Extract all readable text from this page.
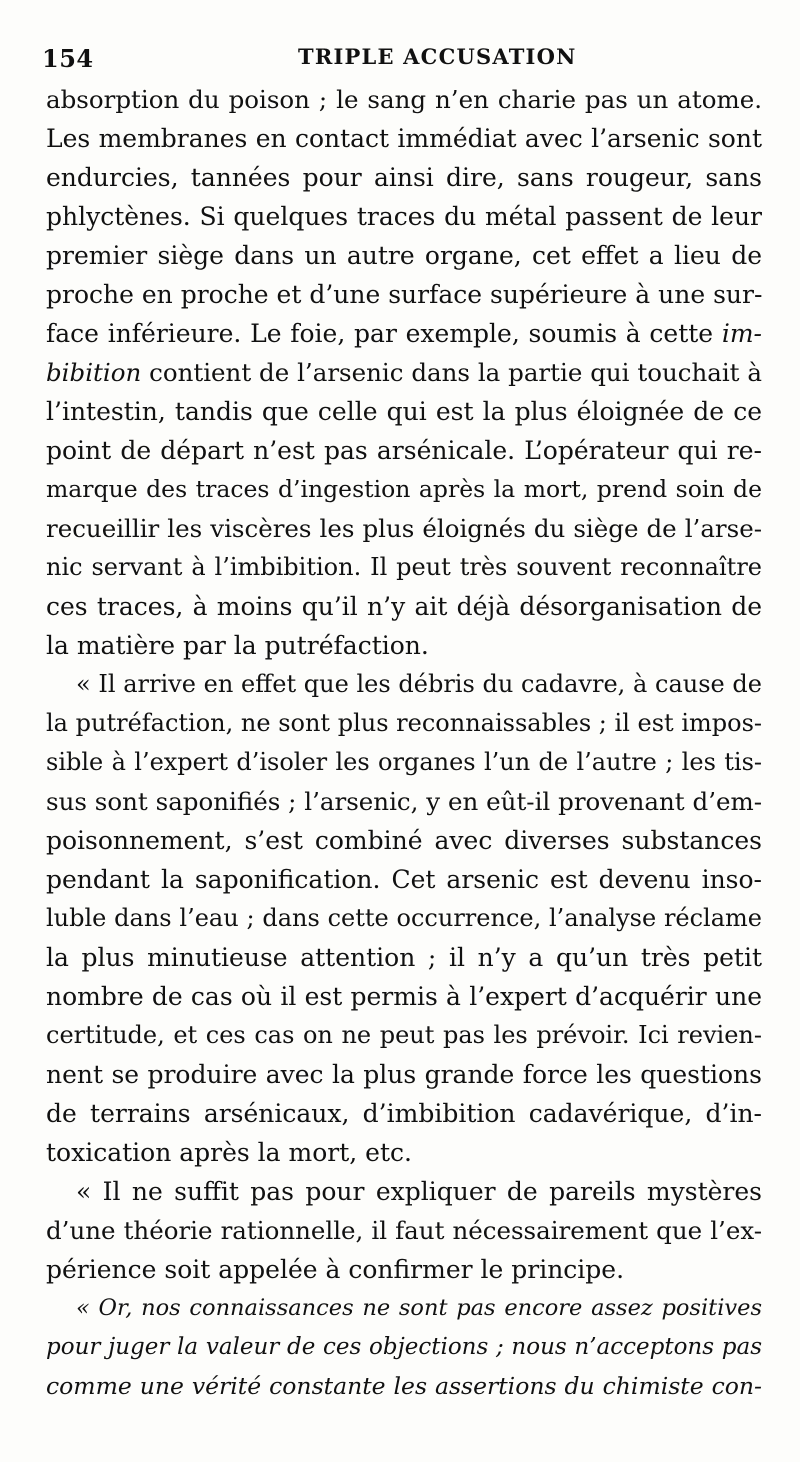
154	TRIPLE ACCUSATION
absorption du poison ; le sang n’en charie pas un atome.
Les membranes en contact immédiat avec l’arsenic sont
endurcies, tannées pour ainsi dire, sans rougeur, sans
phlyctènes. Si quelques traces du métal passent de leur
premier siège dans un autre organe, cet effet a lieu de
proche en proche et d’une surface supérieure à une sur-
face inférieure. Le foie, par exemple, soumis à cette im-
bibition contient de l’arsenic dans la partie qui touchait à
l’intestin, tandis que celle qui est la plus éloignée de ce
point de départ n’est pas arsénicale. L’opérateur qui re-
marque des traces d’ingestion après la mort, prend soin de
recueillir les viscères les plus éloignés du siège de l’arse-
nic servant à l’imbibition. Il peut très souvent reconnaître
ces traces, à moins qu’il n’y ait déjà désorganisation de
la matière par la putréfaction.
« Il arrive en effet que les débris du cadavre, à cause de
la putréfaction, ne sont plus reconnaissables ; il est impos-
sible à l’expert d’isoler les organes l’un de l’autre ; les tis-
sus sont saponifiés ; l’arsenic, y en eût-il provenant d’em-
poisonnement, s’est combiné avec diverses substances
pendant la saponification. Cet arsenic est devenu inso-
luble dans l’eau ; dans cette occurrence, l’analyse réclame
la plus minutieuse attention ; il n’y a qu’un très petit
nombre de cas où il est permis à l’expert d’acquérir une
certitude, et ces cas on ne peut pas les prévoir. Ici revien-
nent se produire avec la plus grande force les questions
de terrains arsénicaux, d’imbibition cadavérique, d’in-
toxication après la mort, etc.
« Il ne suffit pas pour expliquer de pareils mystères
d’une théorie rationnelle, il faut nécessairement que l’ex-
périence soit appelée à confirmer le principe.
« Or, nos connaissances ne sont pas encore assez positives
pour juger la valeur de ces objections ; nous n’acceptons pas
comme une vérité constante les assertions du chimiste con-
